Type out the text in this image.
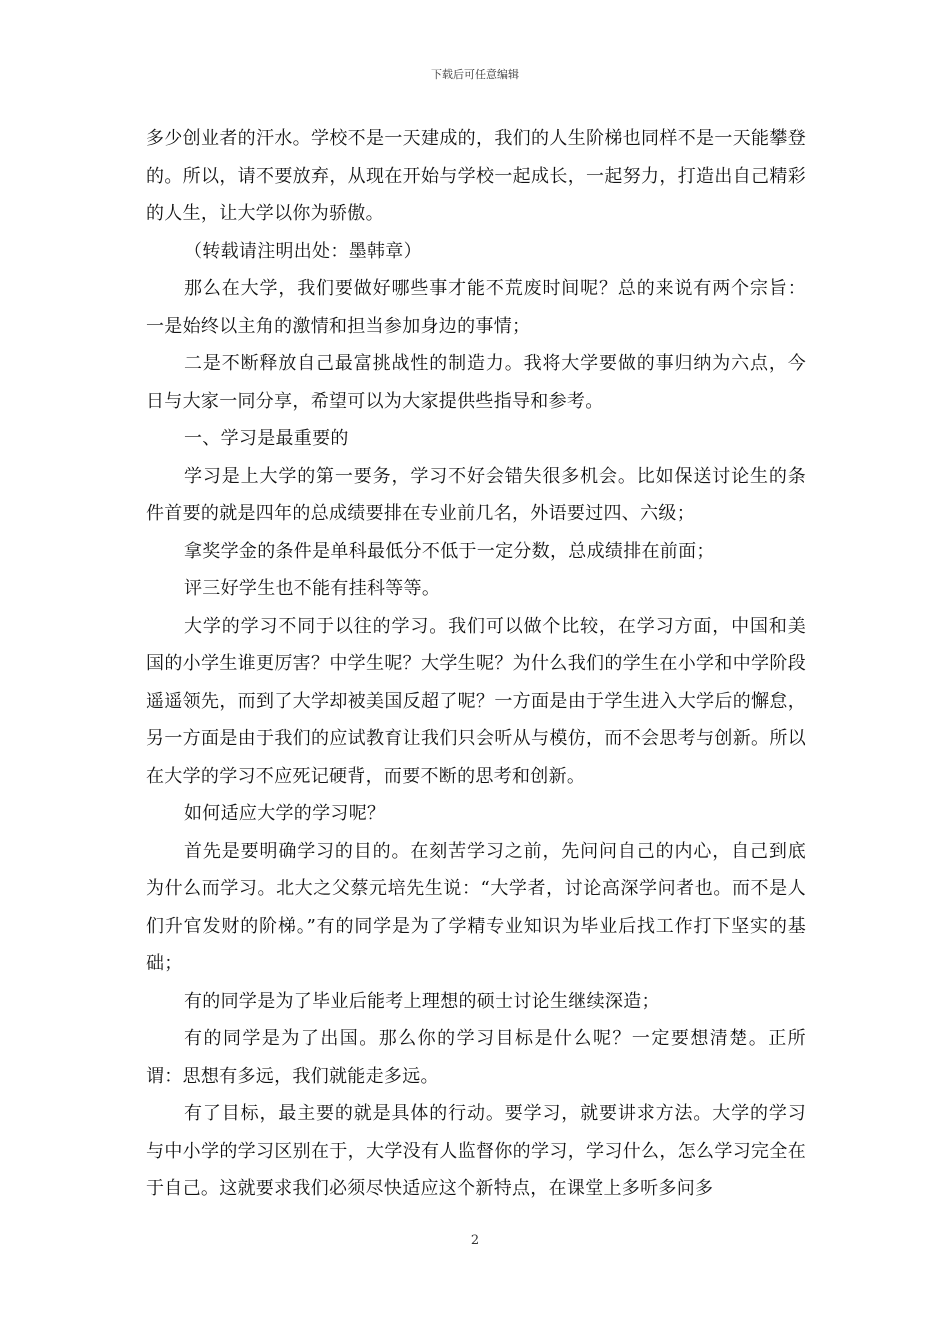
下载后可任意编辑

多少创业者的汗水。学校不是一天建成的，我们的人生阶梯也同样不是一天能攀登的。所以，请不要放弃，从现在开始与学校一起成长，一起努力，打造出自己精彩的人生，让大学以你为骄傲。

（转载请注明出处：墨韩章）

那么在大学，我们要做好哪些事才能不荒废时间呢？总的来说有两个宗旨：一是始终以主角的激情和担当参加身边的事情；

二是不断释放自己最富挑战性的制造力。我将大学要做的事归纳为六点，今日与大家一同分享，希望可以为大家提供些指导和参考。

一、学习是最重要的

学习是上大学的第一要务，学习不好会错失很多机会。比如保送讨论生的条件首要的就是四年的总成绩要排在专业前几名，外语要过四、六级；

拿奖学金的条件是单科最低分不低于一定分数，总成绩排在前面；

评三好学生也不能有挂科等等。

大学的学习不同于以往的学习。我们可以做个比较，在学习方面，中国和美国的小学生谁更厉害？中学生呢？大学生呢？为什么我们的学生在小学和中学阶段遥遥领先，而到了大学却被美国反超了呢？一方面是由于学生进入大学后的懈怠，另一方面是由于我们的应试教育让我们只会听从与模仿，而不会思考与创新。所以在大学的学习不应死记硬背，而要不断的思考和创新。

如何适应大学的学习呢？

首先是要明确学习的目的。在刻苦学习之前，先问问自己的内心，自己到底为什么而学习。北大之父蔡元培先生说：“大学者，讨论高深学问者也。而不是人们升官发财的阶梯。”有的同学是为了学精专业知识为毕业后找工作打下坚实的基础；

有的同学是为了毕业后能考上理想的硕士讨论生继续深造；

有的同学是为了出国。那么你的学习目标是什么呢？一定要想清楚。正所谓：思想有多远，我们就能走多远。

有了目标，最主要的就是具体的行动。要学习，就要讲求方法。大学的学习与中小学的学习区别在于，大学没有人监督你的学习，学习什么，怎么学习完全在于自己。这就要求我们必须尽快适应这个新特点，在课堂上多听多问多

2
